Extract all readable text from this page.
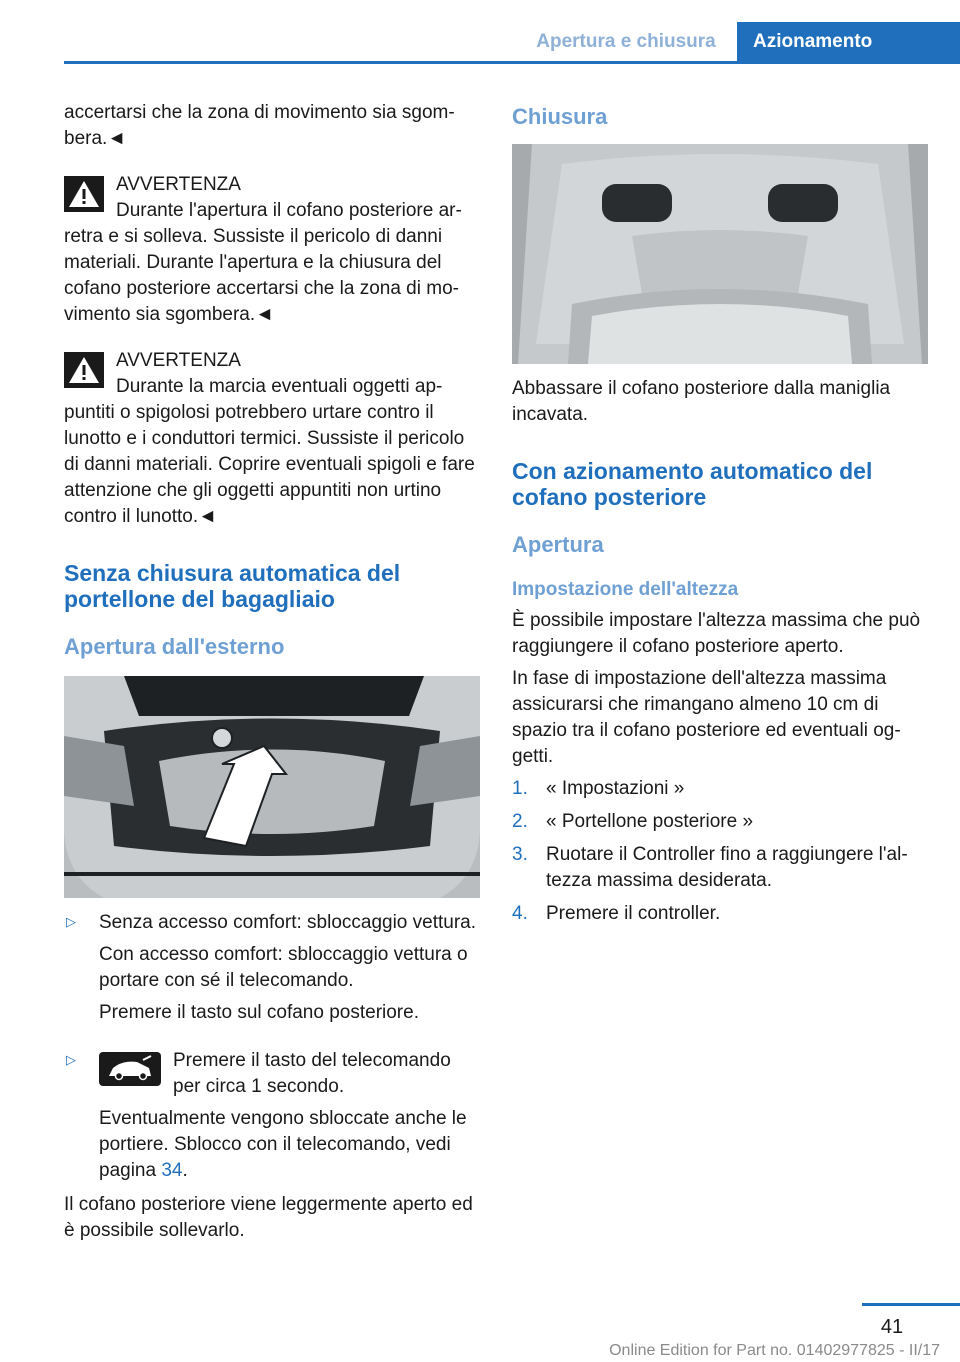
Apertura e chiusura	Azionamento

accertarsi che la zona di movimento sia sgombera.◄

AVVERTENZA

Durante l'apertura il cofano posteriore arretra e si solleva. Sussiste il pericolo di danni materiali. Durante l'apertura e la chiusura del cofano posteriore accertarsi che la zona di movimento sia sgombera.◄

AVVERTENZA

Durante la marcia eventuali oggetti appuntiti o spigolosi potrebbero urtare contro il lunotto e i conduttori termici. Sussiste il pericolo di danni materiali. Coprire eventuali spigoli e fare attenzione che gli oggetti appuntiti non urtino contro il lunotto.◄

Senza chiusura automatica del portellone del bagagliaio
Apertura dall'esterno
▷ Senza accesso comfort: sbloccaggio vettura.

Con accesso comfort: sbloccaggio vettura o portare con sé il telecomando.

Premere il tasto sul cofano posteriore.

▷	Premere il tasto del telecomando per circa 1 secondo.

Eventualmente vengono sbloccate anche le portiere. Sblocco con il telecomando, vedi pagina 34.

Il cofano posteriore viene leggermente aperto ed è possibile sollevarlo.

Chiusura

Abbassare il cofano posteriore dalla maniglia incavata.

Con azionamento automatico del cofano posteriore
Apertura
Impostazione dell'altezza

È possibile impostare l'altezza massima che può raggiungere il cofano posteriore aperto.

In fase di impostazione dell'altezza massima assicurarsi che rimangano almeno 10 cm di spazio tra il cofano posteriore ed eventuali oggetti.

1. « Impostazioni »
2. « Portellone posteriore »
3. Ruotare il Controller fino a raggiungere l'altezza massima desiderata.
4. Premere il controller.
41
Online Edition for Part no. 01402977825 - II/17
